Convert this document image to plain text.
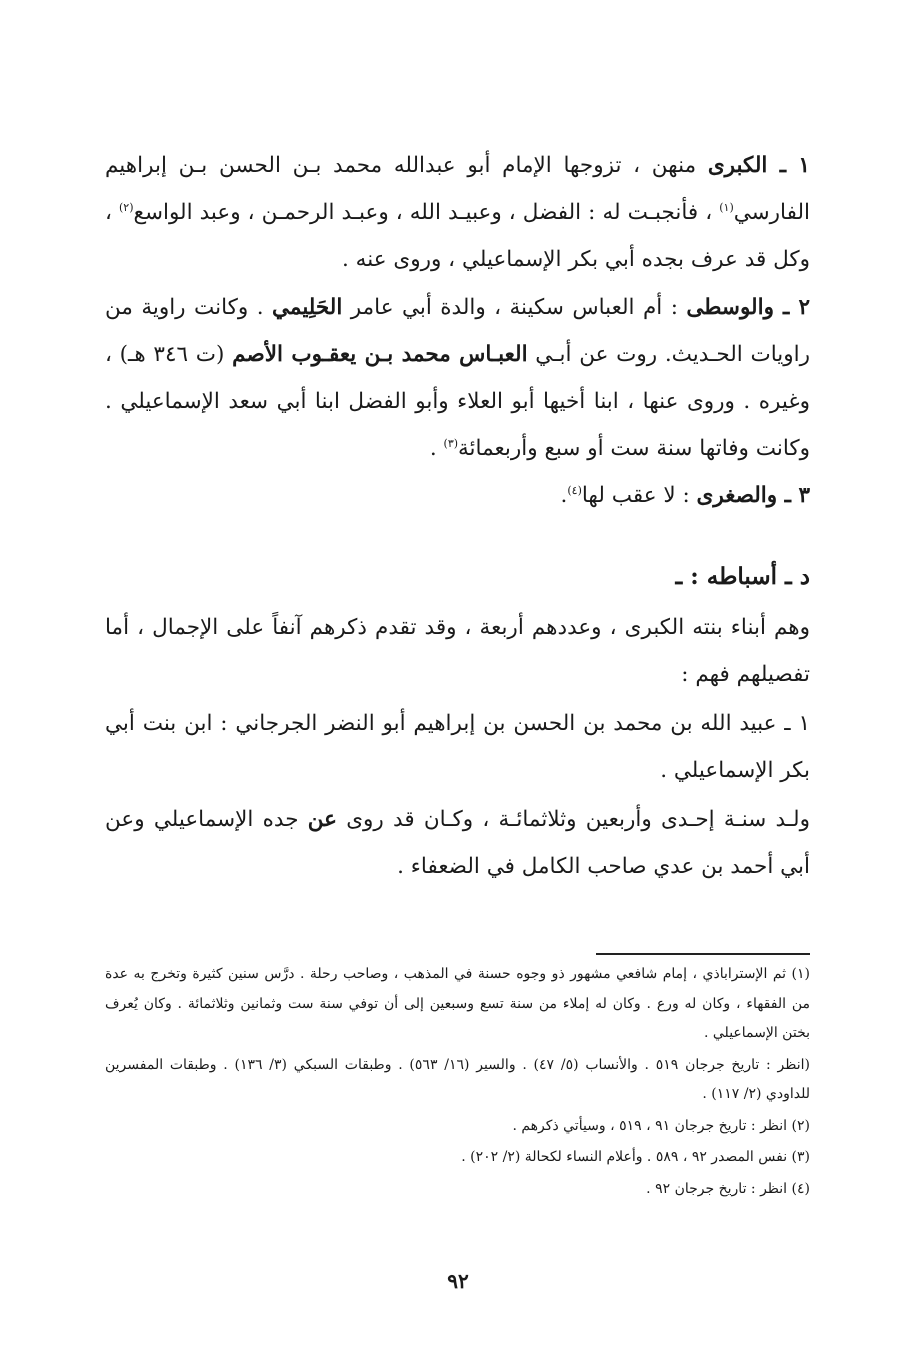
١ ـ الكبرى منهن ، تزوجها الإمام أبو عبدالله محمد بـن الحسن بـن إبراهيم الفارسي$^{(١)}$ ، فأنجبـت له : الفضل ، وعبيـد الله ، وعبـد الرحمـن ، وعبد الواسع$^{(٢)}$ ، وكل قد عرف بجده أبي بكر الإسماعيلي ، وروى عنه .

٢ ـ والوسطى : أم العباس سكينة ، والدة أبي عامر الحَلِيمي . وكانت راوية من راويات الحـديث. روت عن أبـي العبـاس محمد بـن يعقـوب الأصم (ت ٣٤٦ هـ) ، وغيره . وروى عنها ، ابنا أخيها أبو العلاء وأبو الفضل ابنا أبي سعد الإسماعيلي . وكانت وفاتها سنة ست أو سبع وأربعمائة$^{(٣)}$ .

٣ ـ والصغرى : لا عقب لها$^{(٤)}$.

د ـ أسباطه : ـ

وهم أبناء بنته الكبرى ، وعددهم أربعة ، وقد تقدم ذكرهم آنفاً على الإجمال ، أما تفصيلهم فهم :

١ ـ عبيد الله بن محمد بن الحسن بن إبراهيم أبو النضر الجرجاني : ابن بنت أبي بكر الإسماعيلي .

ولـد سنـة إحـدى وأربعين وثلاثمائـة ، وكـان قد روى عن جده الإسماعيلي وعن أبي أحمد بن عدي صاحب الكامل في الضعفاء .

(١) ثم الإستراباذي ، إمام شافعي مشهور ذو وجوه حسنة في المذهب ، وصاحب رحلة . درَّس سنين كثيرة وتخرج به عدة من الفقهاء ، وكان له ورع . وكان له إملاء من سنة تسع وسبعين إلى أن توفي سنة ست وثمانين وثلاثمائة . وكان يُعرف بختن الإسماعيلي .

(انظر : تاريخ جرجان ٥١٩ . والأنساب (٥/ ٤٧) . والسير (١٦/ ٥٦٣) . وطبقات السبكي (٣/ ١٣٦) . وطبقات المفسرين للداودي (٢/ ١١٧) .

(٢) انظر : تاريخ جرجان ٩١ ، ٥١٩ ، وسيأتي ذكرهم .

(٣) نفس المصدر ٩٢ ، ٥٨٩ . وأعلام النساء لكحالة (٢/ ٢٠٢) .

(٤) انظر : تاريخ جرجان ٩٢ .

٩٢
